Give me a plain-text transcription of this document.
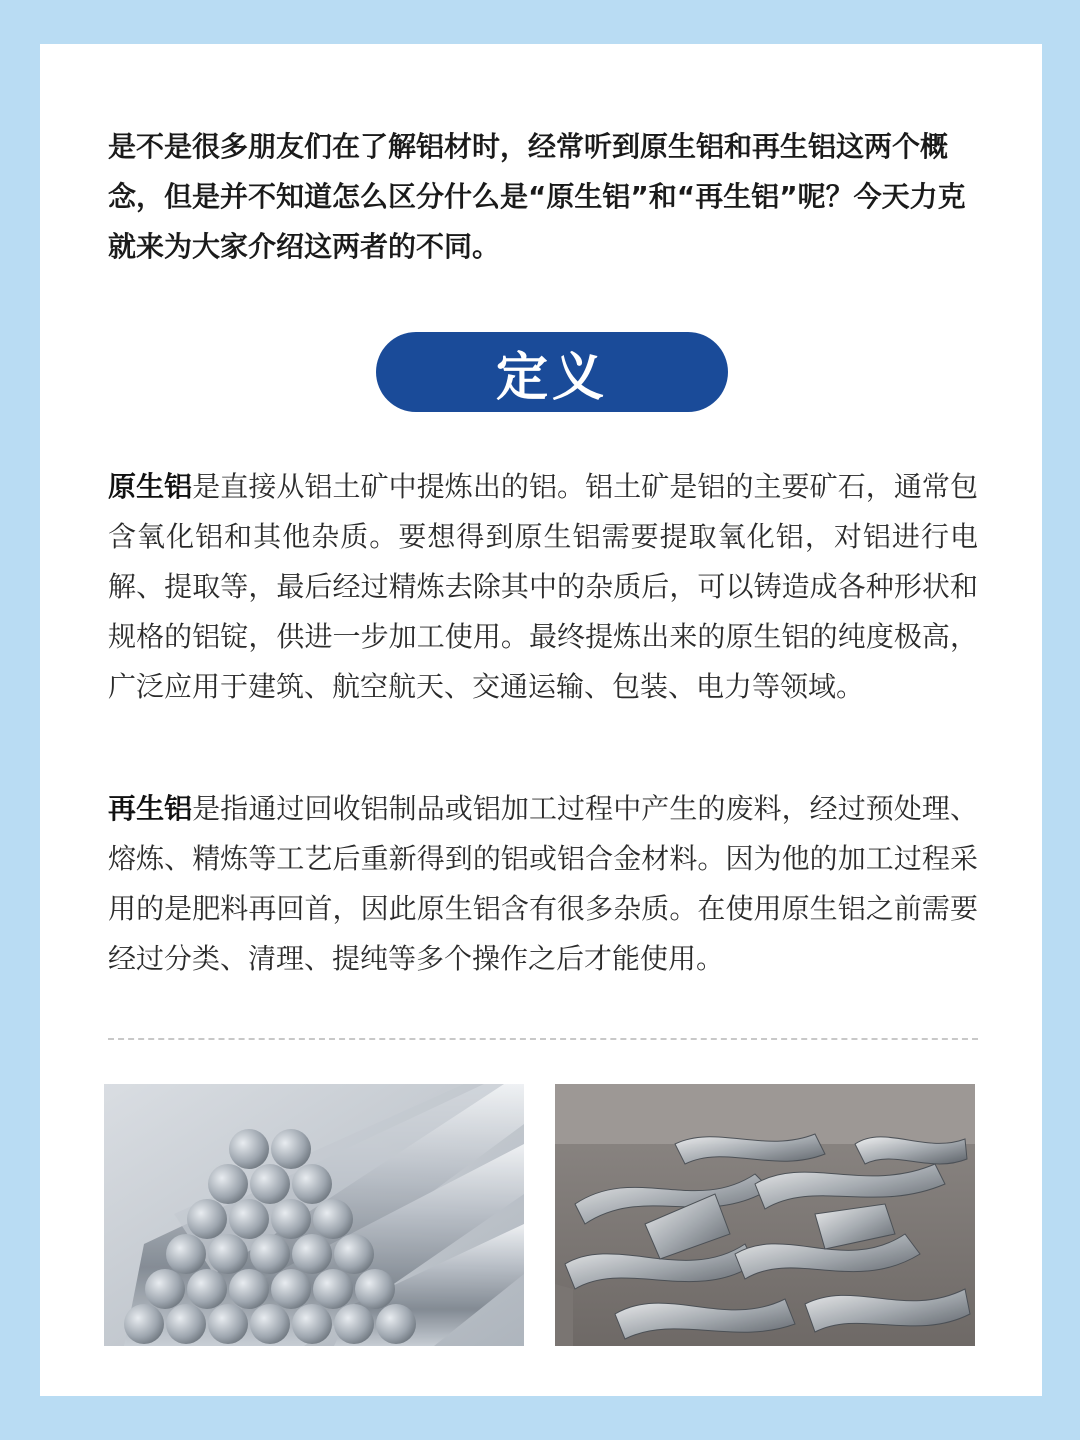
是不是很多朋友们在了解铝材时，经常听到原生铝和再生铝这两个概念，但是并不知道怎么区分什么是“原生铝”和“再生铝”呢？今天力克就来为大家介绍这两者的不同。

定义

原生铝是直接从铝土矿中提炼出的铝。铝土矿是铝的主要矿石，通常包含氧化铝和其他杂质。要想得到原生铝需要提取氧化铝，对铝进行电解、提取等，最后经过精炼去除其中的杂质后，可以铸造成各种形状和规格的铝锭，供进一步加工使用。最终提炼出来的原生铝的纯度极高，广泛应用于建筑、航空航天、交通运输、包装、电力等领域。

再生铝是指通过回收铝制品或铝加工过程中产生的废料，经过预处理、熔炼、精炼等工艺后重新得到的铝或铝合金材料。因为他的加工过程采用的是肥料再回首，因此原生铝含有很多杂质。在使用原生铝之前需要经过分类、清理、提纯等多个操作之后才能使用。
